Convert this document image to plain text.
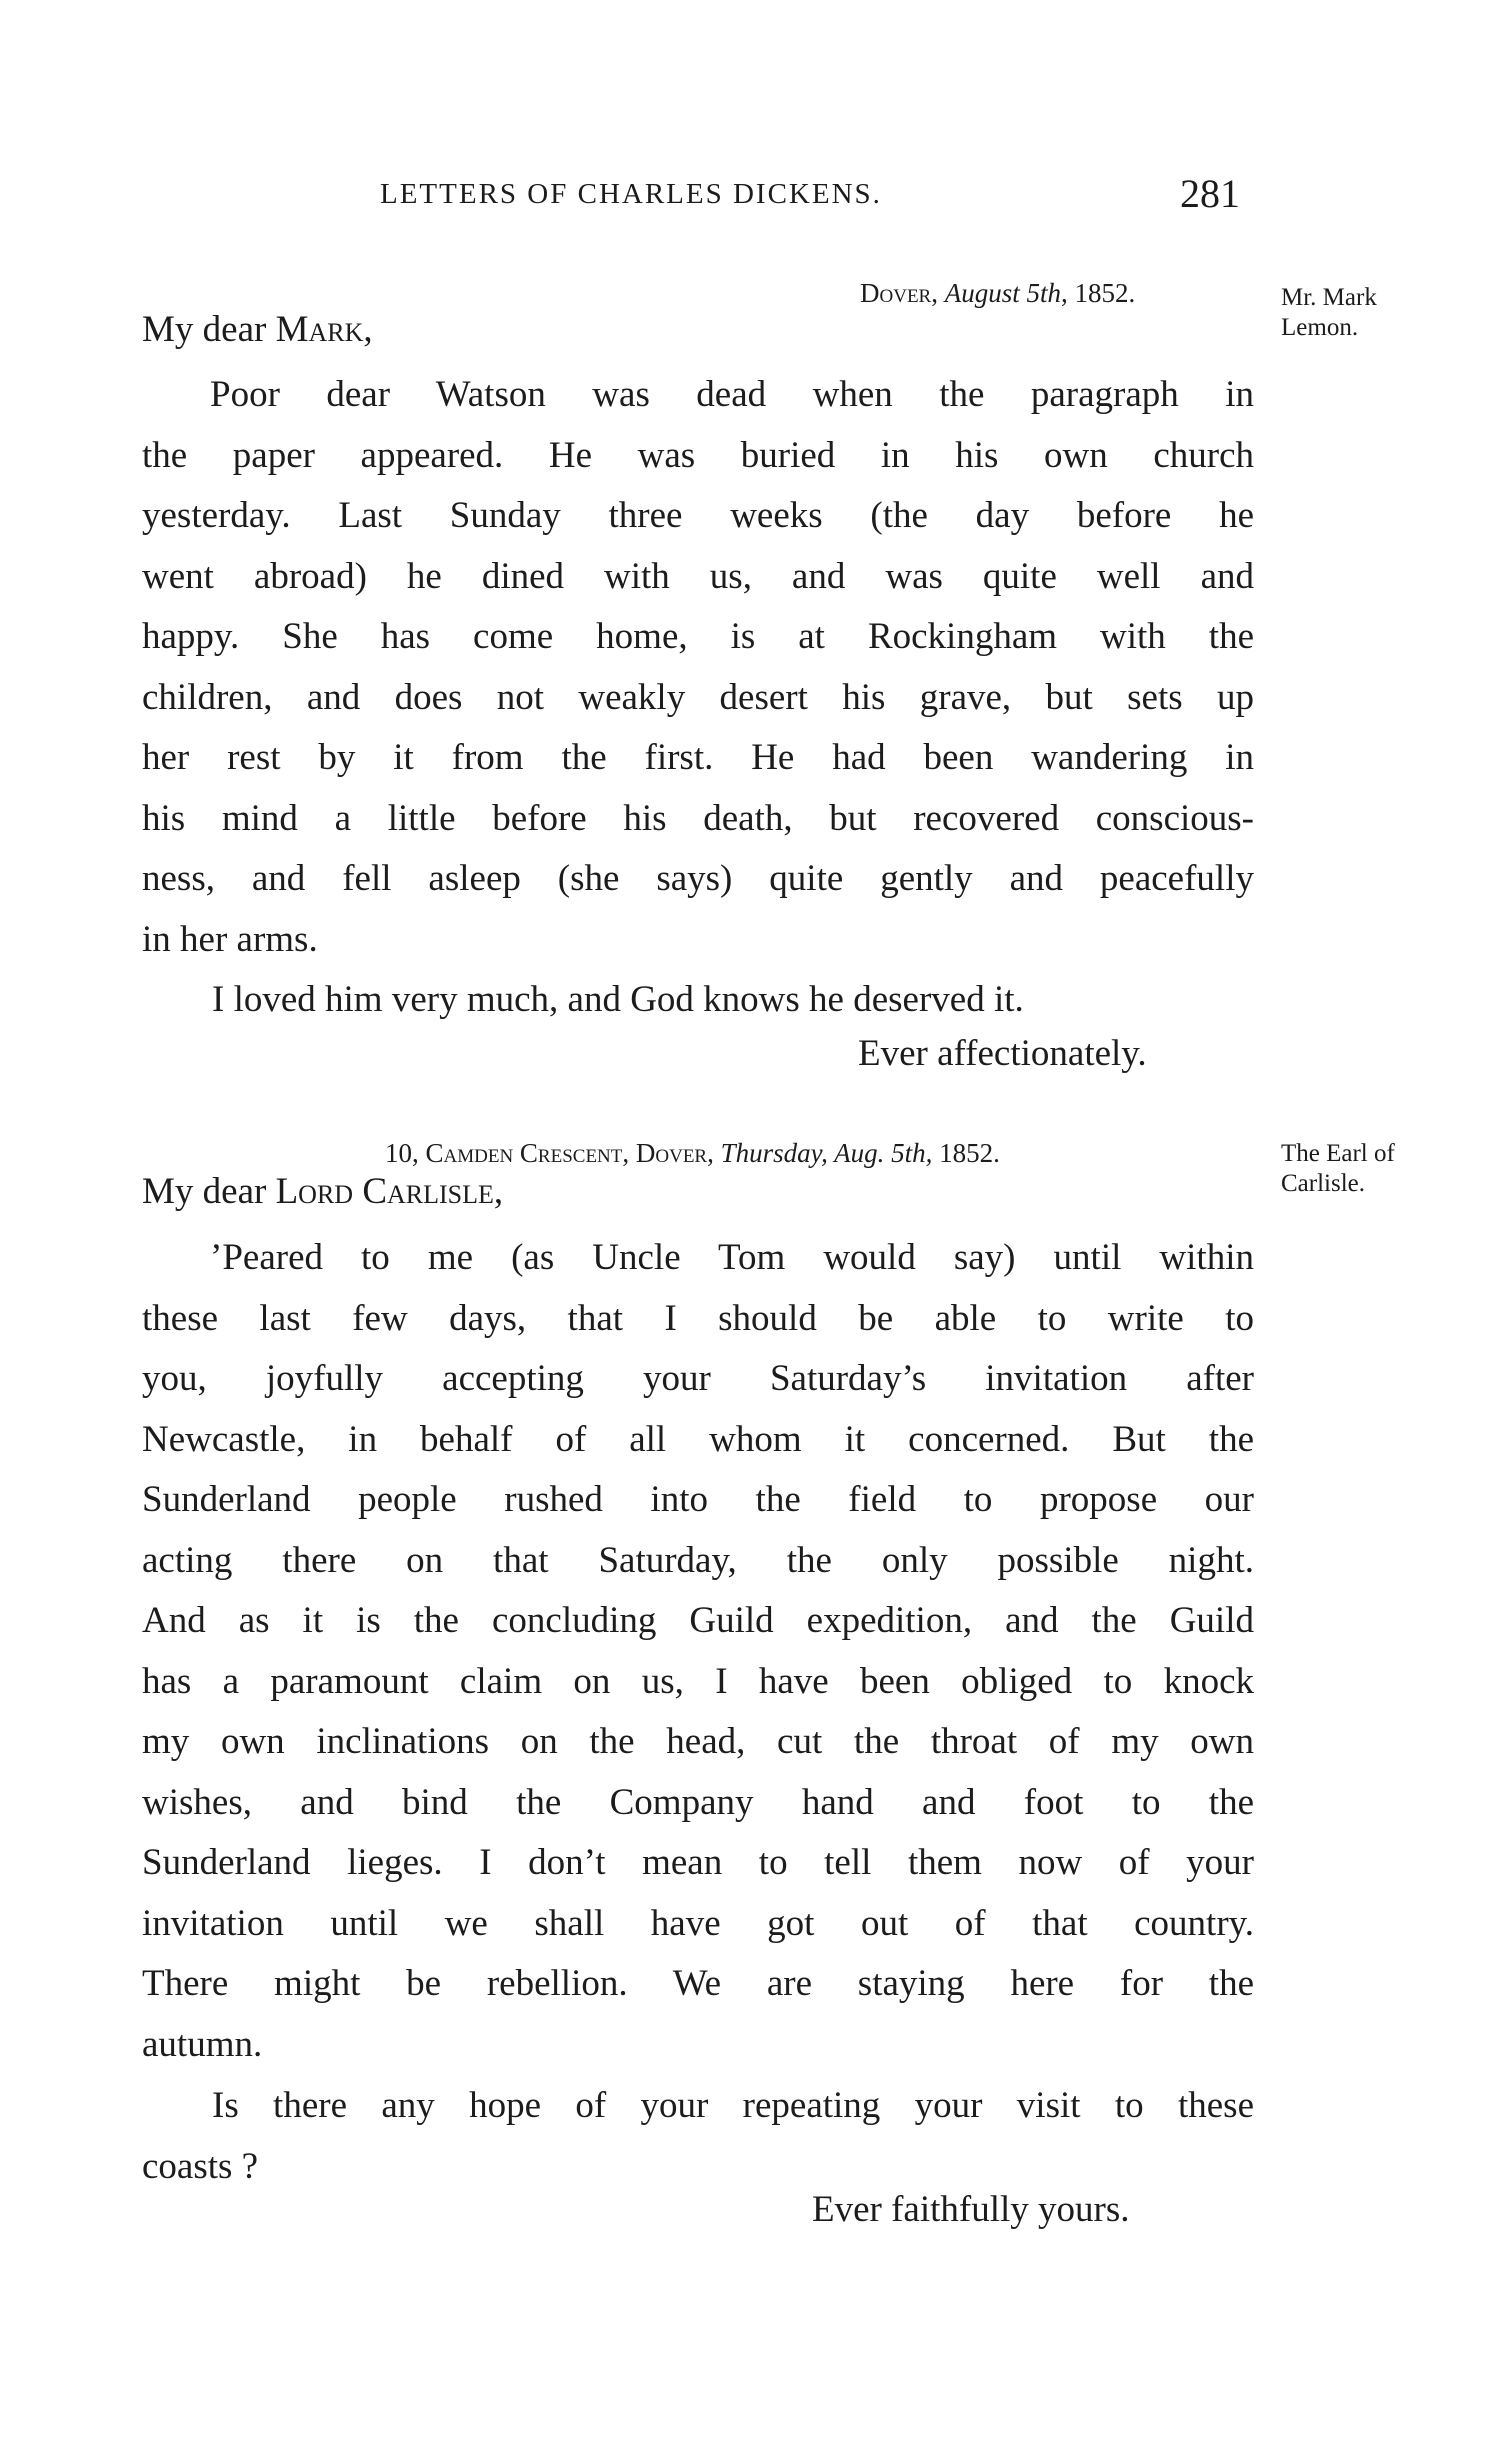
LETTERS OF CHARLES DICKENS.	281
Dover, August 5th, 1852.	Mr. Mark
Lemon.
My dear Mark,
Poor dear Watson was dead when the paragraph in
the paper appeared. He was buried in his own church
yesterday. Last Sunday three weeks (the day before he
went abroad) he dined with us, and was quite well and
happy. She has come home, is at Rockingham with the
children, and does not weakly desert his grave, but sets up
her rest by it from the first. He had been wandering in
his mind a little before his death, but recovered conscious-
ness, and fell asleep (she says) quite gently and peacefully
in her arms.
I loved him very much, and God knows he deserved it.
Ever affectionately.
10, Camden Crescent, Dover, Thursday, Aug. 5th, 1852.	The Earl of
Carlisle.
My dear Lord Carlisle,
’Peared to me (as Uncle Tom would say) until within
these last few days, that I should be able to write to
you, joyfully accepting your Saturday’s invitation after
Newcastle, in behalf of all whom it concerned. But the
Sunderland people rushed into the field to propose our
acting there on that Saturday, the only possible night.
And as it is the concluding Guild expedition, and the Guild
has a paramount claim on us, I have been obliged to knock
my own inclinations on the head, cut the throat of my own
wishes, and bind the Company hand and foot to the
Sunderland lieges. I don’t mean to tell them now of your
invitation until we shall have got out of that country.
There might be rebellion. We are staying here for the
autumn.
Is there any hope of your repeating your visit to these
coasts ?
Ever faithfully yours.
